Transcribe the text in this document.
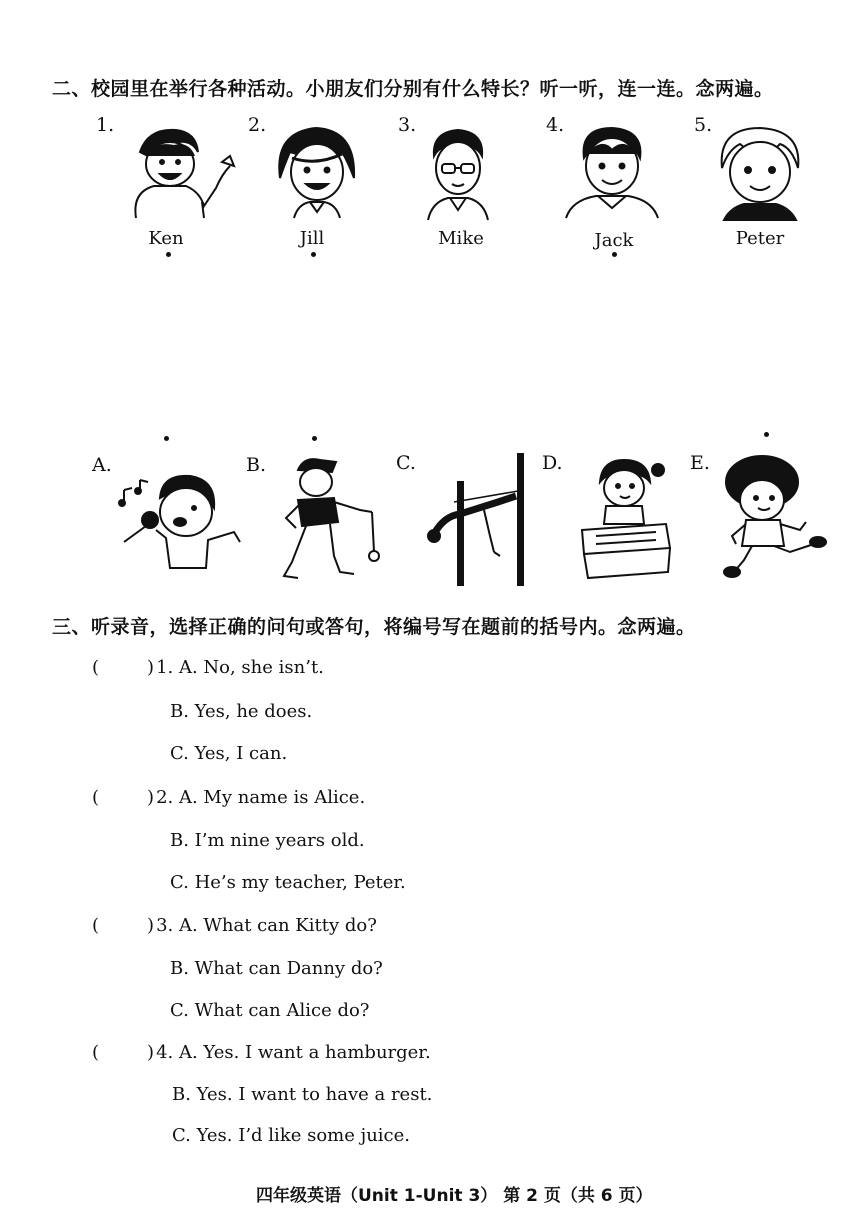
二、校园里在举行各种活动。小朋友们分别有什么特长？听一听，连一连。念两遍。
1.	2.	3.	4.	5.
Ken	Jill	Mike	Jack	Peter
A.	B.	C.	D.	E.
三、听录音，选择正确的问句或答句，将编号写在题前的括号内。念两遍。
(	) 1. A. No, she isn’t.
B. Yes, he does.
C. Yes, I can.
(	) 2. A. My name is Alice.
B. I’m nine years old.
C. He’s my teacher, Peter.
(	) 3. A. What can Kitty do?
B. What can Danny do?
C. What can Alice do?
(	) 4. A. Yes. I want a hamburger.
B. Yes. I want to have a rest.
C. Yes. I’d like some juice.
四年级英语（Unit 1-Unit 3） 第 2 页（共 6 页）
